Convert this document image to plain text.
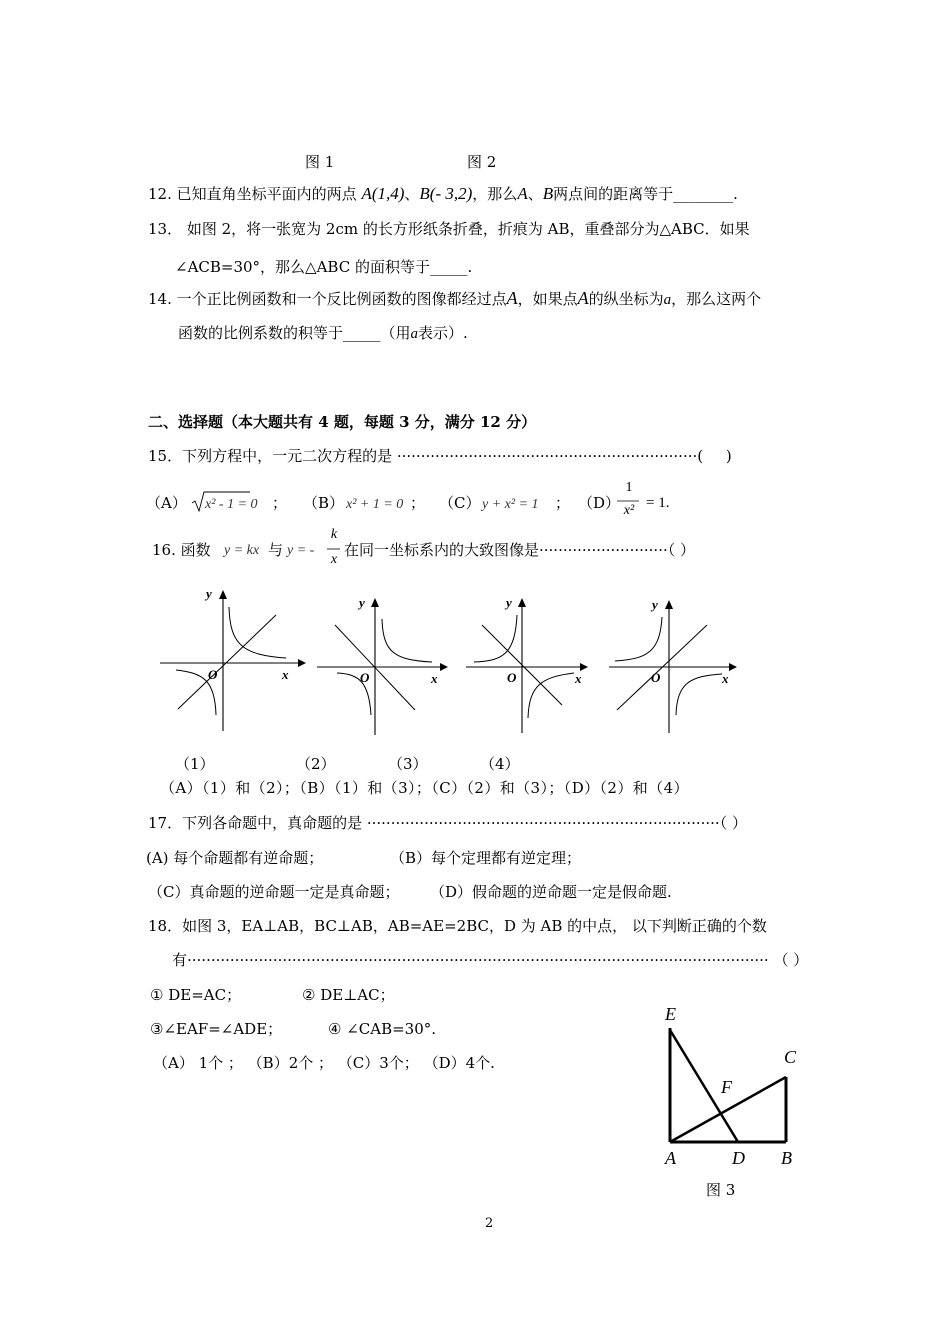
图 1	图 2
12. 已知直角坐标平面内的两点 A(1,4)、B(- 3,2)，那么A、B两点间的距离等于________.
13． 如图 2，将一张宽为 2cm 的长方形纸条折叠，折痕为 AB，重叠部分为△ABC．如果
∠ACB=30°，那么△ABC 的面积等于_____.
14. 一个正比例函数和一个反比例函数的图像都经过点A，如果点A的纵坐标为a，那么这两个
函数的比例系数的积等于_____（用a表示）.
二、选择题（本大题共有 4 题，每题 3 分，满分 12 分）
15．下列方程中，一元二次方程的是 ·······························································( )
（A） x² - 1 = 0 ； （B） x² + 1 = 0 ； （C） y + x² = 1 ； （D）
1
x² = 1.
16. 函数 y = kx 与 y = -
k
x
在同一坐标系内的大致图像是···························（ ）
y
x
O
y
x
O
y
x
O
y
x
O
（1）	（2）	（3）	（4）
（A）（1）和（2）；（B）（1）和（3）；（C）（2）和（3）；（D）（2）和（4）
17．下列各命题中，真命题的是 ··········································································（ ）
(A) 每个命题都有逆命题；	（B）每个定理都有逆定理；
（C）真命题的逆命题一定是真命题； （D）假命题的逆命题一定是假命题.
18．如图 3，EA⊥AB，BC⊥AB，AB=AE=2BC，D 为 AB 的中点， 以下判断正确的个数
有·························································································································· （ ）
① DE=AC；	② DE⊥AC；
③∠EAF=∠ADE；	④ ∠CAB=30°.
（A） 1个 ； （B）2个 ； （C）3个； （D）4个.
E
C
F
A	D B
图 3
2
